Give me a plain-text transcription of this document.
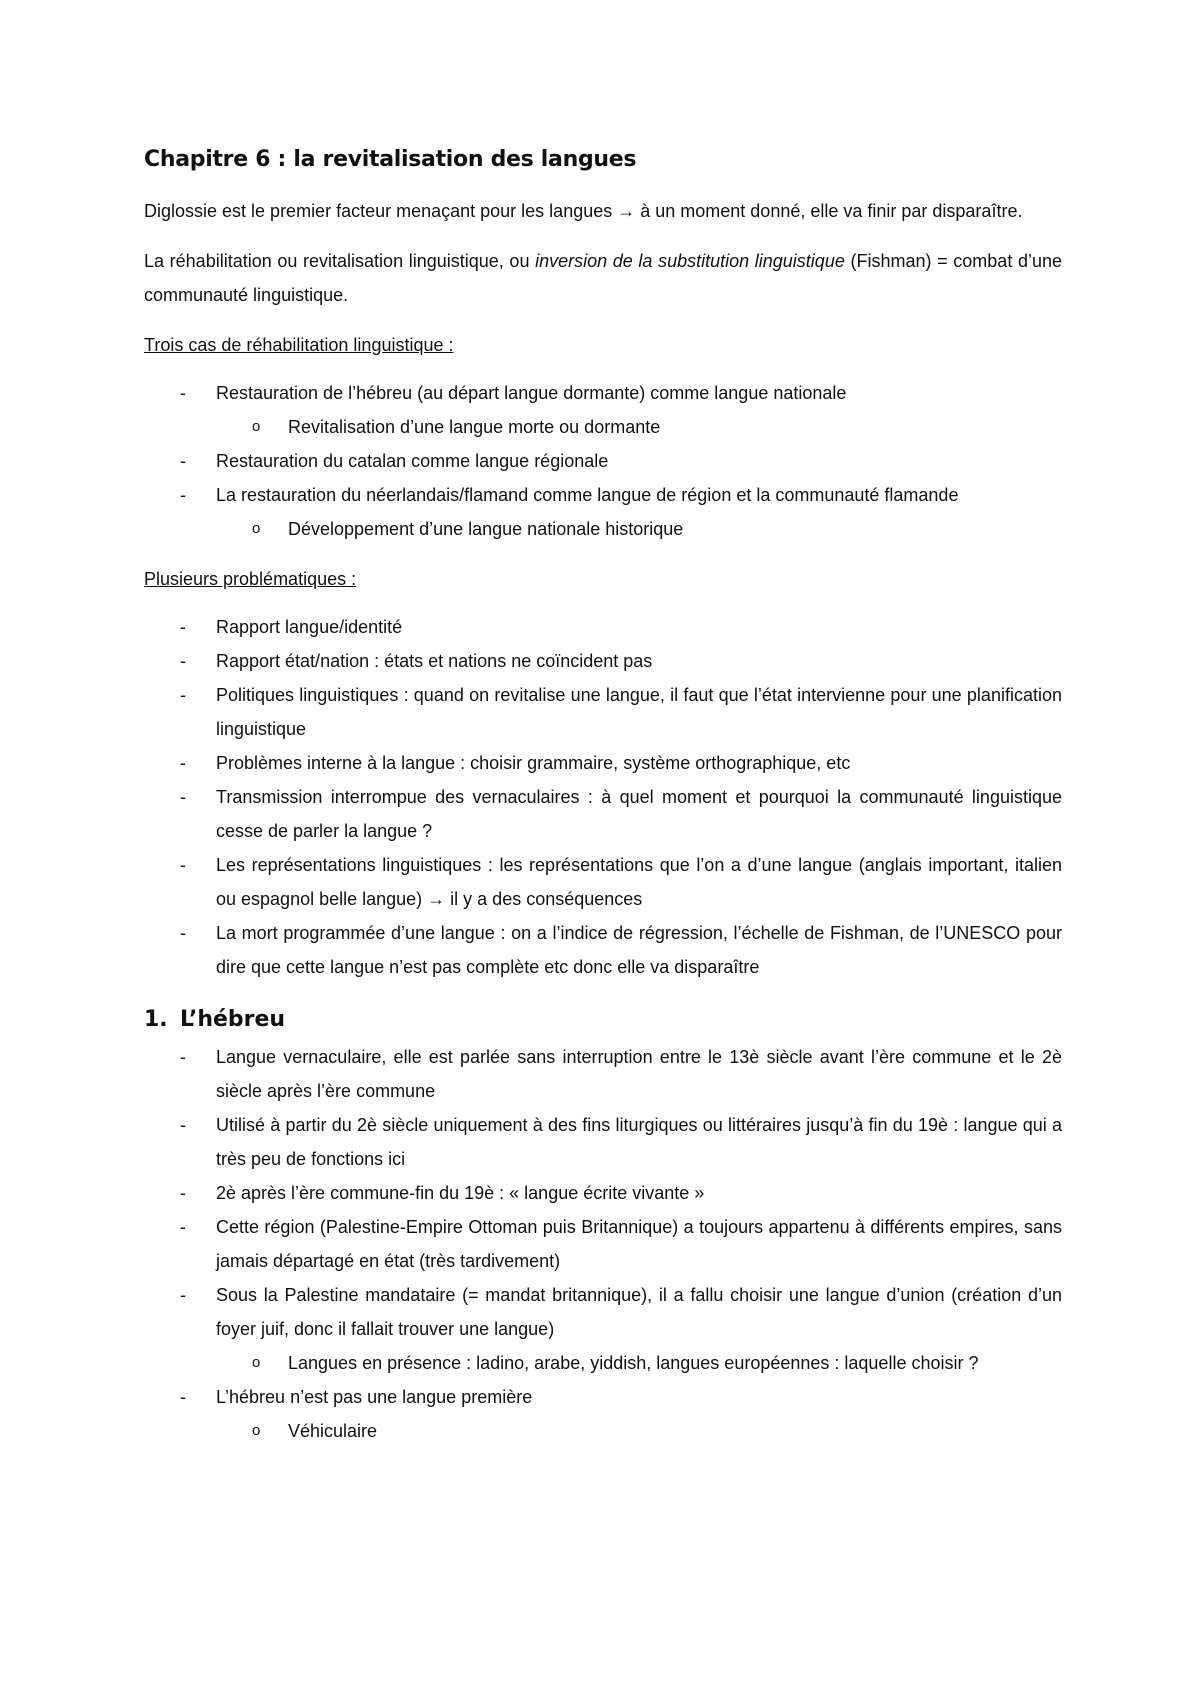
Chapitre 6 : la revitalisation des langues

Diglossie est le premier facteur menaçant pour les langues → à un moment donné, elle va finir par disparaître.

La réhabilitation ou revitalisation linguistique, ou inversion de la substitution linguistique (Fishman) = combat d’une communauté linguistique.

Trois cas de réhabilitation linguistique :

- Restauration de l’hébreu (au départ langue dormante) comme langue nationale
o Revitalisation d’une langue morte ou dormante
- Restauration du catalan comme langue régionale
- La restauration du néerlandais/flamand comme langue de région et la communauté flamande
o Développement d’une langue nationale historique

Plusieurs problématiques :

- Rapport langue/identité
- Rapport état/nation : états et nations ne coïncident pas
- Politiques linguistiques : quand on revitalise une langue, il faut que l’état intervienne pour une planification linguistique
- Problèmes interne à la langue : choisir grammaire, système orthographique, etc
- Transmission interrompue des vernaculaires : à quel moment et pourquoi la communauté linguistique cesse de parler la langue ?
- Les représentations linguistiques : les représentations que l’on a d’une langue (anglais important, italien ou espagnol belle langue) → il y a des conséquences
- La mort programmée d’une langue : on a l’indice de régression, l’échelle de Fishman, de l’UNESCO pour dire que cette langue n’est pas complète etc donc elle va disparaître
1. L’hébreu
- Langue vernaculaire, elle est parlée sans interruption entre le 13è siècle avant l’ère commune et le 2è siècle après l’ère commune
- Utilisé à partir du 2è siècle uniquement à des fins liturgiques ou littéraires jusqu’à fin du 19è : langue qui a très peu de fonctions ici
- 2è après l’ère commune-fin du 19è : « langue écrite vivante »
- Cette région (Palestine-Empire Ottoman puis Britannique) a toujours appartenu à différents empires, sans jamais départagé en état (très tardivement)
- Sous la Palestine mandataire (= mandat britannique), il a fallu choisir une langue d’union (création d’un foyer juif, donc il fallait trouver une langue)
o Langues en présence : ladino, arabe, yiddish, langues européennes : laquelle choisir ?
- L’hébreu n’est pas une langue première
o Véhiculaire
